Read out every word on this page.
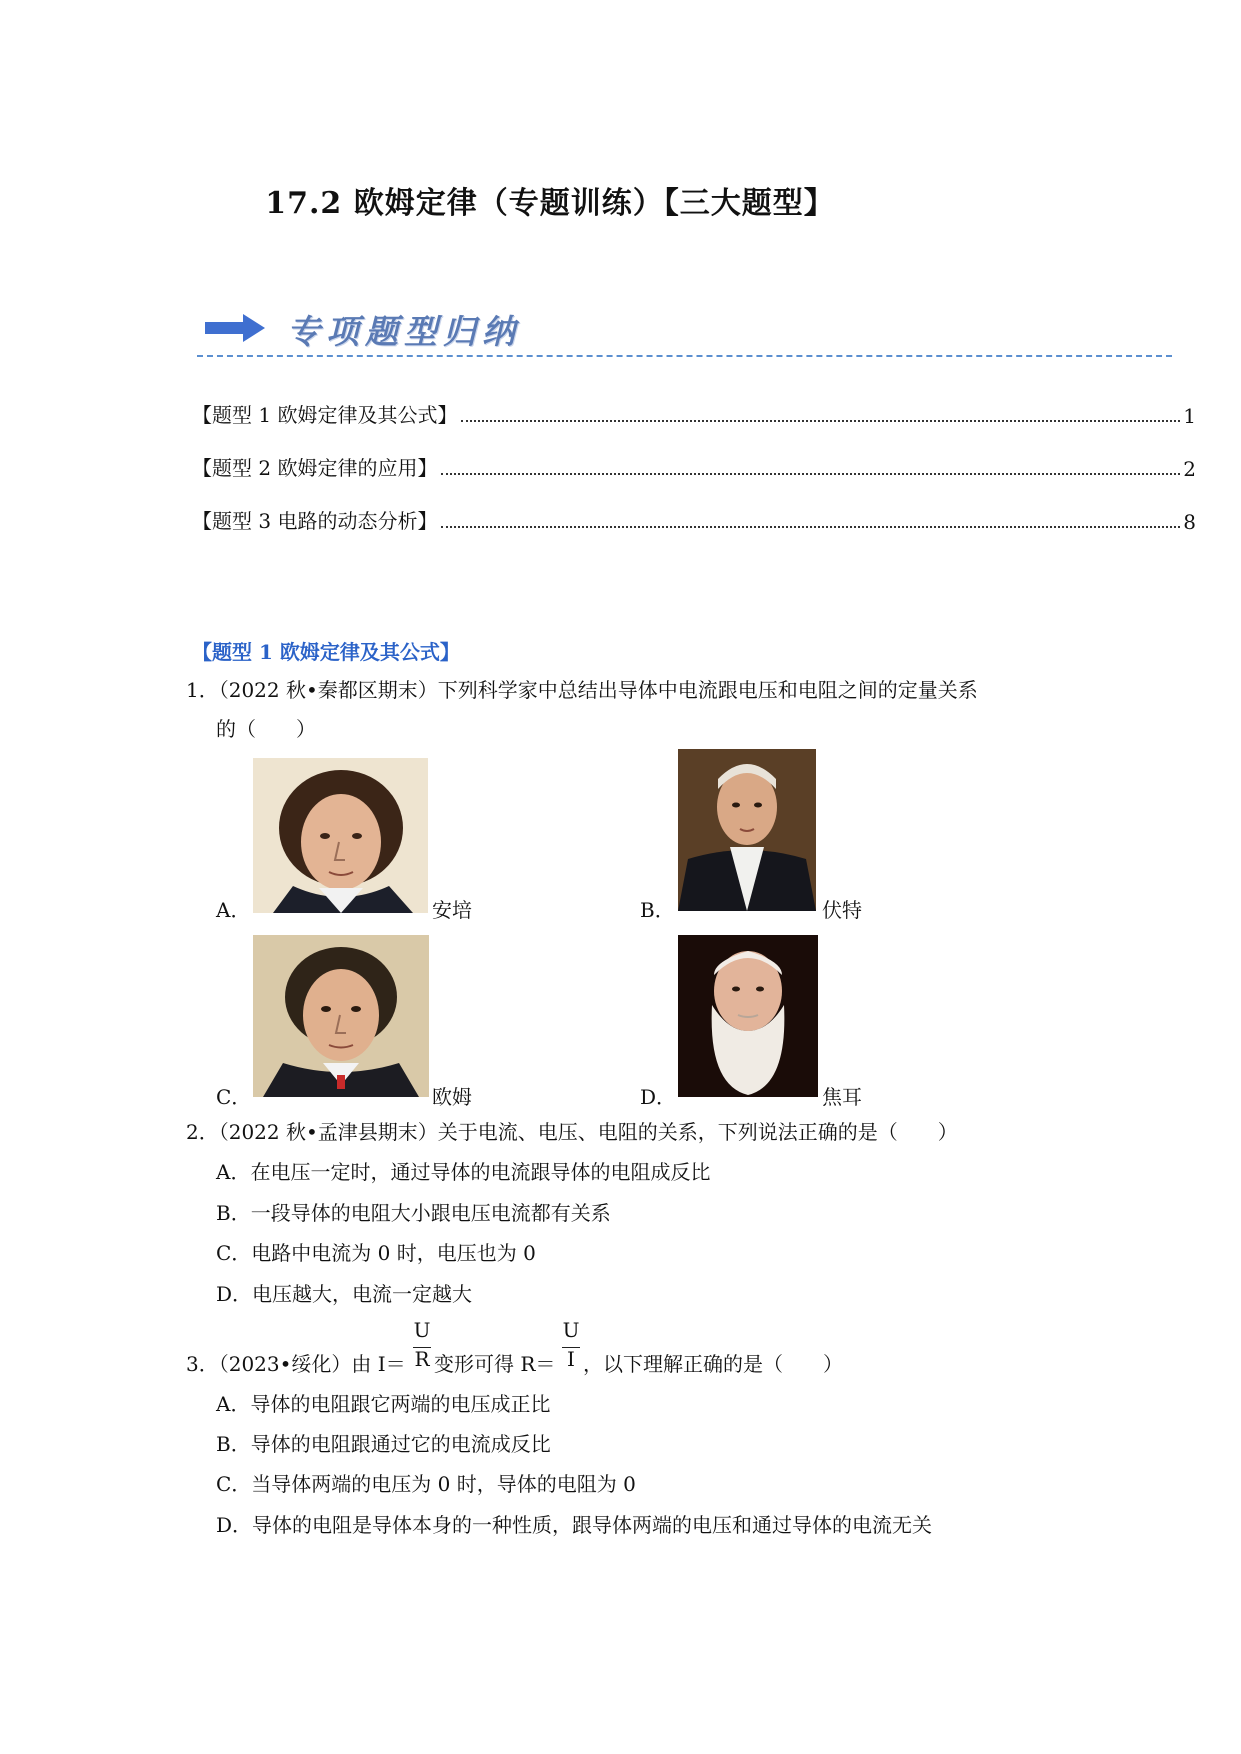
17.2 欧姆定律（专题训练）【三大题型】
专项题型归纳
【题型 1 欧姆定律及其公式】	1
【题型 2 欧姆定律的应用】	2
【题型 3 电路的动态分析】	8
【题型 1 欧姆定律及其公式】
1．（2022 秋•秦都区期末）下列科学家中总结出导体中电流跟电压和电阻之间的定量关系
的（　　）
A．	安培	B．	伏特
C．	欧姆	D．	焦耳
2．（2022 秋•孟津县期末）关于电流、电压、电阻的关系，下列说法正确的是（　　）
A．在电压一定时，通过导体的电流跟导体的电阻成反比
B．一段导体的电阻大小跟电压电流都有关系
C．电路中电流为 0 时，电压也为 0
D．电压越大，电流一定越大
3．（2023•绥化）由 I＝
U
R 变形可得 R＝
U
I ，以下理解正确的是（　　）
A．导体的电阻跟它两端的电压成正比
B．导体的电阻跟通过它的电流成反比
C．当导体两端的电压为 0 时，导体的电阻为 0
D．导体的电阻是导体本身的一种性质，跟导体两端的电压和通过导体的电流无关
